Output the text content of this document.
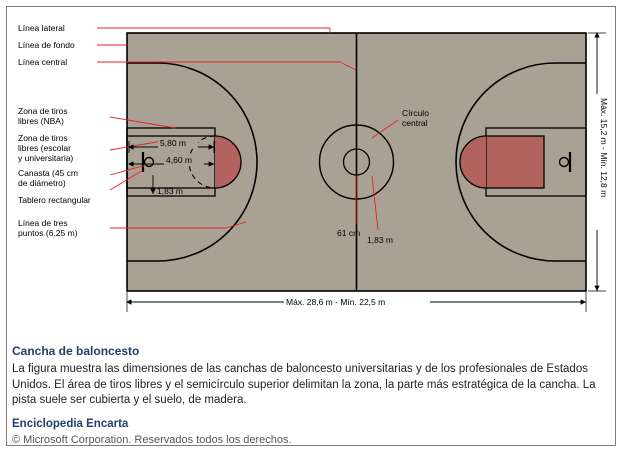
Línea lateral
Línea de fondo
Línea central
Zona de tiros
libres (NBA)
Zona de tiros
libres (escolar
y universitaria)
Canasta (45 cm
de diámetro)
Tablero rectangular
Línea de tres
puntos (6,25 m)
Círculo
central
61 cm
1,83 m
5,80 m
4,60 m
1,83 m
Máx. 28,6 m - Mín. 22,5 m
Máx. 15,2 m - Mín. 12,8 m

Cancha de baloncesto

La figura muestra las dimensiones de las canchas de baloncesto universitarias y de los profesionales de Estados Unidos. El área de tiros libres y el semicírculo superior delimitan la zona, la parte más estratégica de la cancha. La pista suele ser cubierta y el suelo, de madera.

Enciclopedia Encarta

© Microsoft Corporation. Reservados todos los derechos.
